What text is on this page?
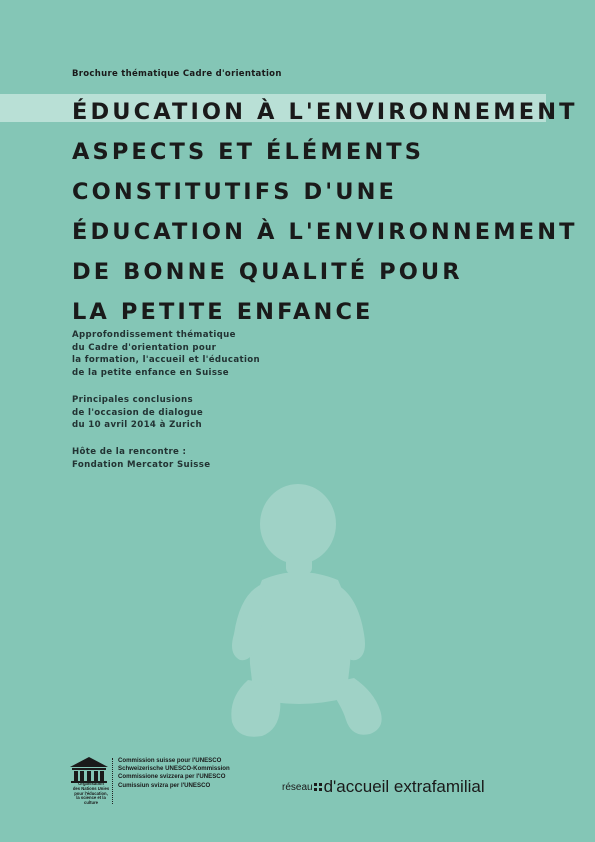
Brochure thématique Cadre d'orientation
ÉDUCATION À L'ENVIRONNEMENT
ASPECTS ET ÉLÉMENTS
CONSTITUTIFS D'UNE
ÉDUCATION À L'ENVIRONNEMENT
DE BONNE QUALITÉ POUR
LA PETITE ENFANCE
Approfondissement thématique
du Cadre d'orientation pour
la formation, l'accueil et l'éducation
de la petite enfance en Suisse
Principales conclusions
de l'occasion de dialogue
du 10 avril 2014 à Zurich
Hôte de la rencontre :
Fondation Mercator Suisse
Organisation
des Nations Unies
pour l'éducation,
la science et la culture
Commission suisse pour l'UNESCO
Schweizerische UNESCO-Kommission
Commissione svizzera per l'UNESCO
Cumissiun svizra per l'UNESCO	réseau d'accueil extrafamilial
